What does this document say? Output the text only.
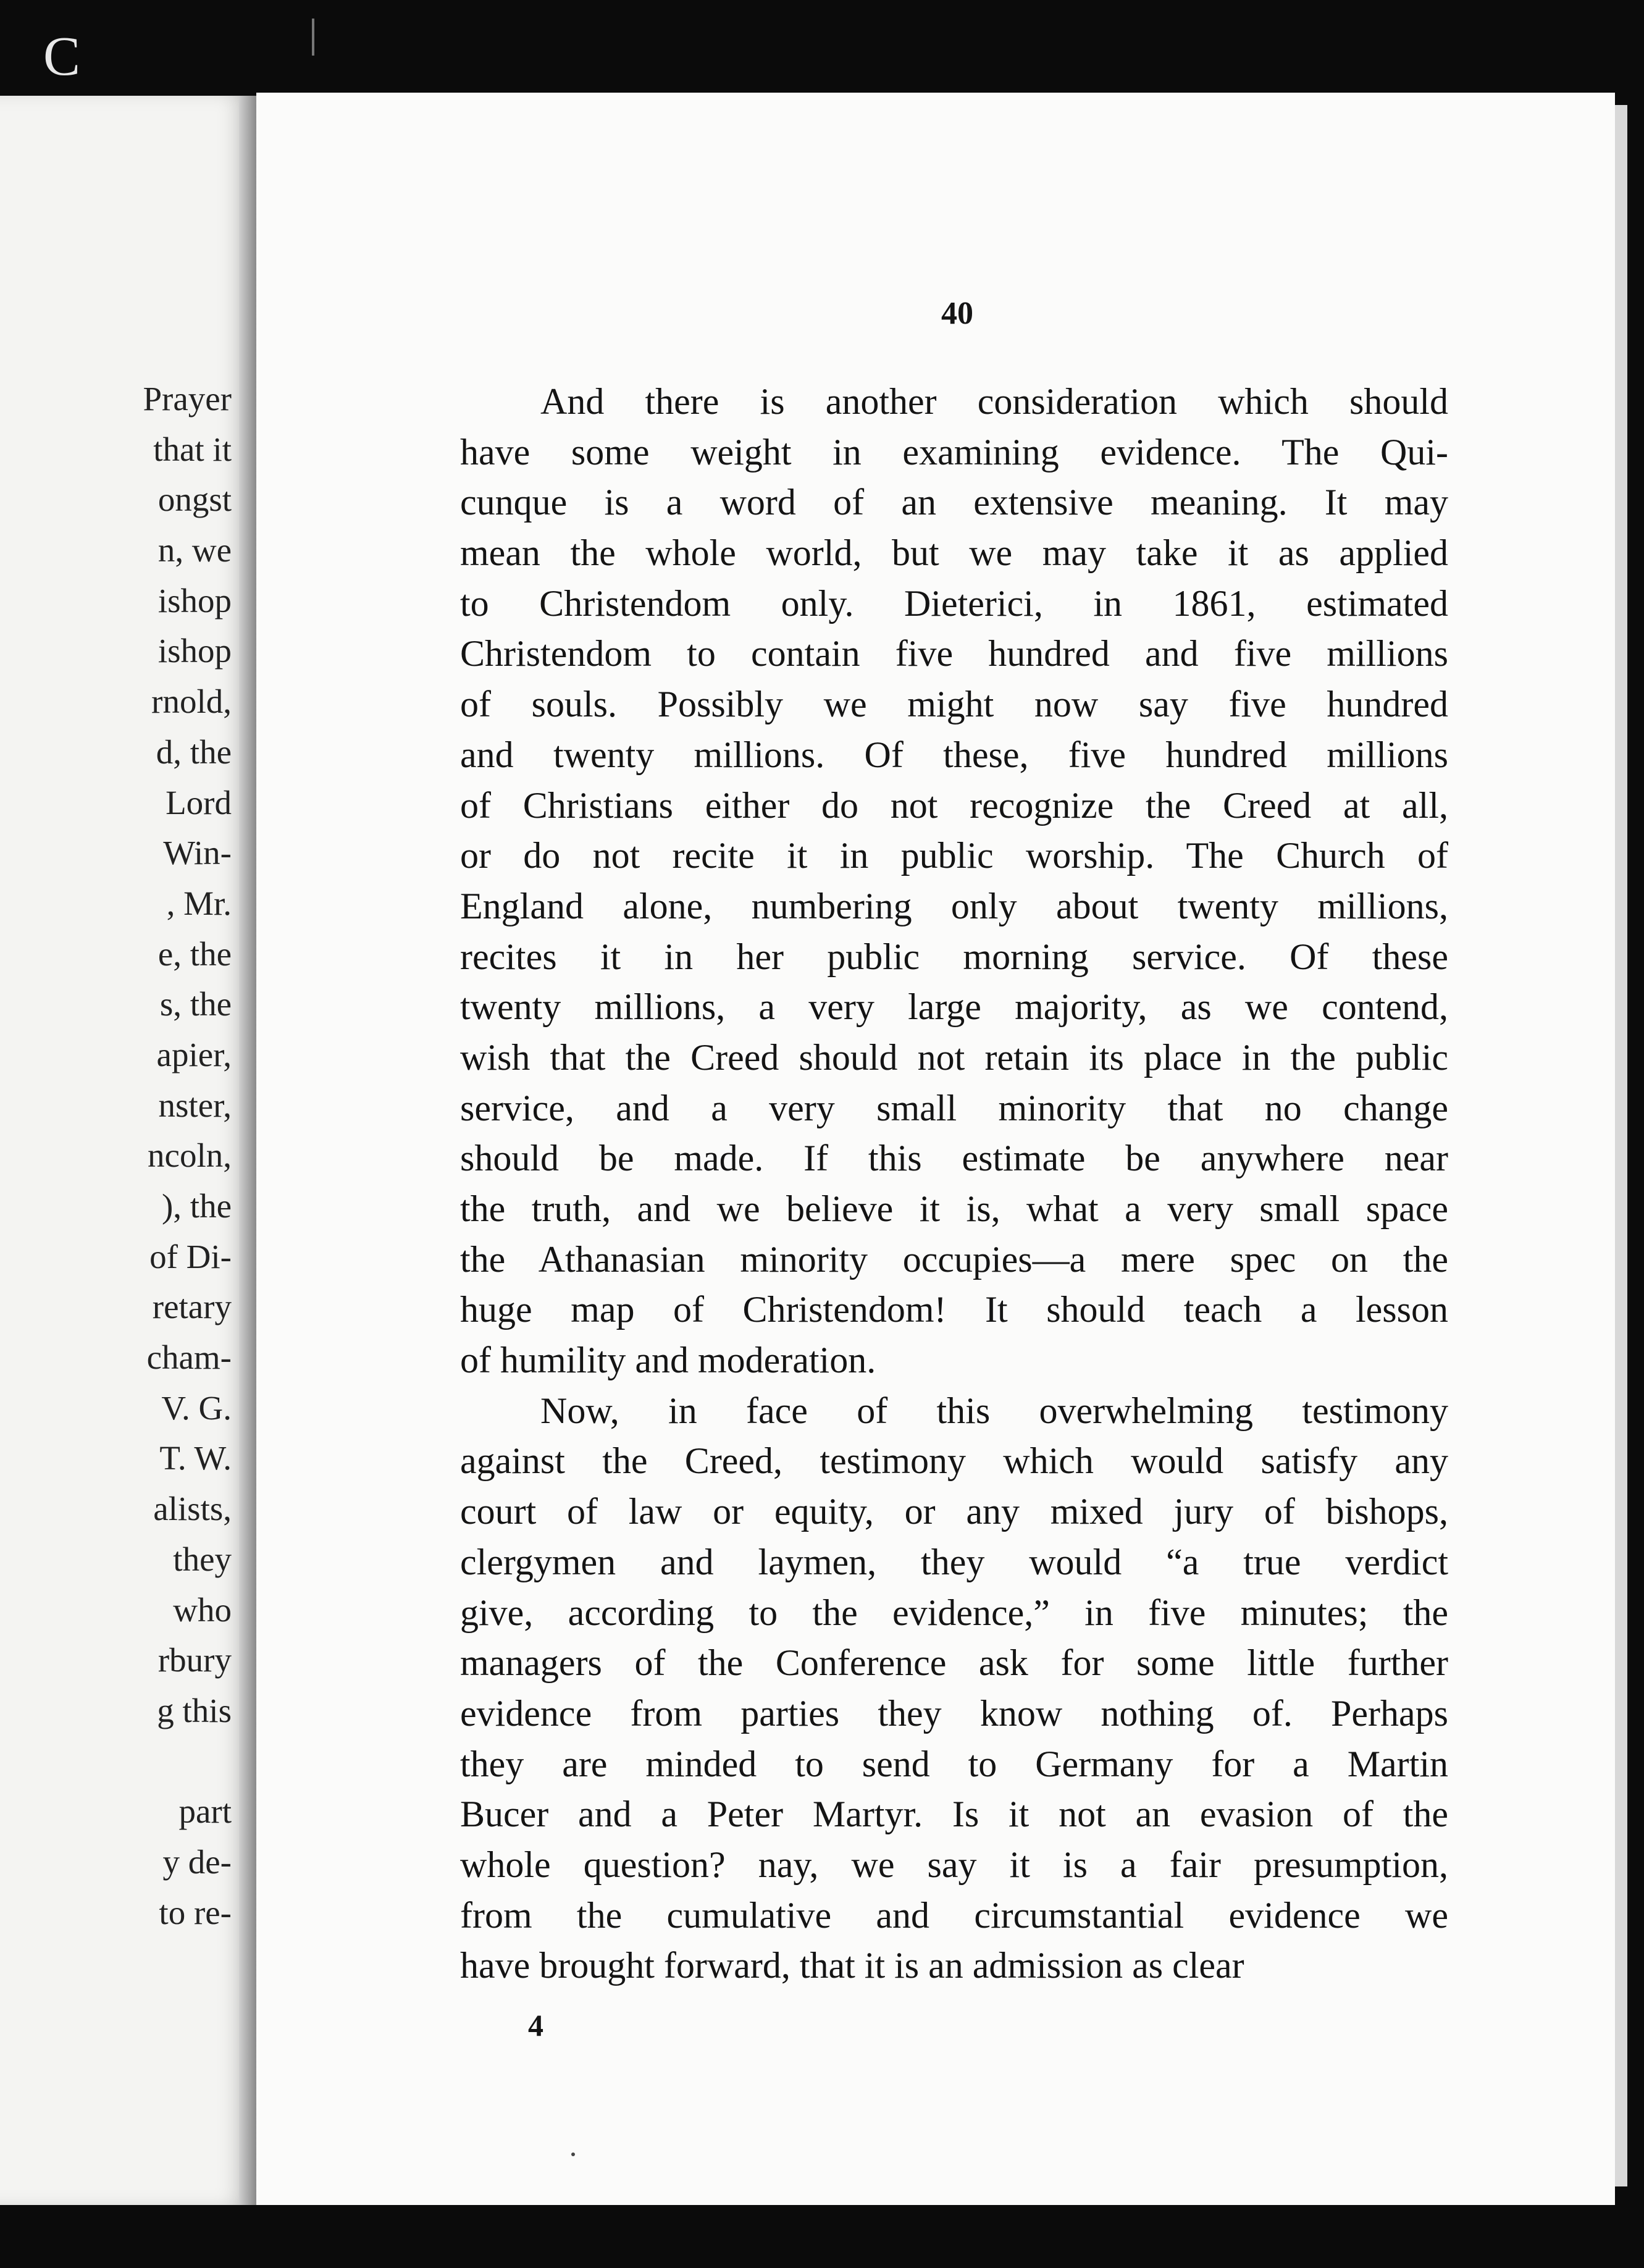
C
Prayer
that it
ongst
n, we
ishop
ishop
rnold,
d, the
Lord
Win-
, Mr.
e, the
s, the
apier,
nster,
ncoln,
), the
of Di-
retary
cham-
V. G.
T. W.
alists,
they
who
rbury
g this
part
y de-
to re-
40
And there is another consideration which should
have some weight in examining evidence. The Qui-
cunque is a word of an extensive meaning. It may
mean the whole world, but we may take it as applied
to Christendom only. Dieterici, in 1861, estimated
Christendom to contain five hundred and five millions
of souls. Possibly we might now say five hundred
and twenty millions. Of these, five hundred millions
of Christians either do not recognize the Creed at all,
or do not recite it in public worship. The Church of
England alone, numbering only about twenty millions,
recites it in her public morning service. Of these
twenty millions, a very large majority, as we contend,
wish that the Creed should not retain its place in the public
service, and a very small minority that no change
should be made. If this estimate be anywhere near
the truth, and we believe it is, what a very small space
the Athanasian minority occupies—a mere spec on the
huge map of Christendom! It should teach a lesson
of humility and moderation.
Now, in face of this overwhelming testimony
against the Creed, testimony which would satisfy any
court of law or equity, or any mixed jury of bishops,
clergymen and laymen, they would “a true verdict
give, according to the evidence,” in five minutes; the
managers of the Conference ask for some little further
evidence from parties they know nothing of. Perhaps
they are minded to send to Germany for a Martin
Bucer and a Peter Martyr. Is it not an evasion of the
whole question? nay, we say it is a fair presumption,
from the cumulative and circumstantial evidence we
have brought forward, that it is an admission as clear
4
